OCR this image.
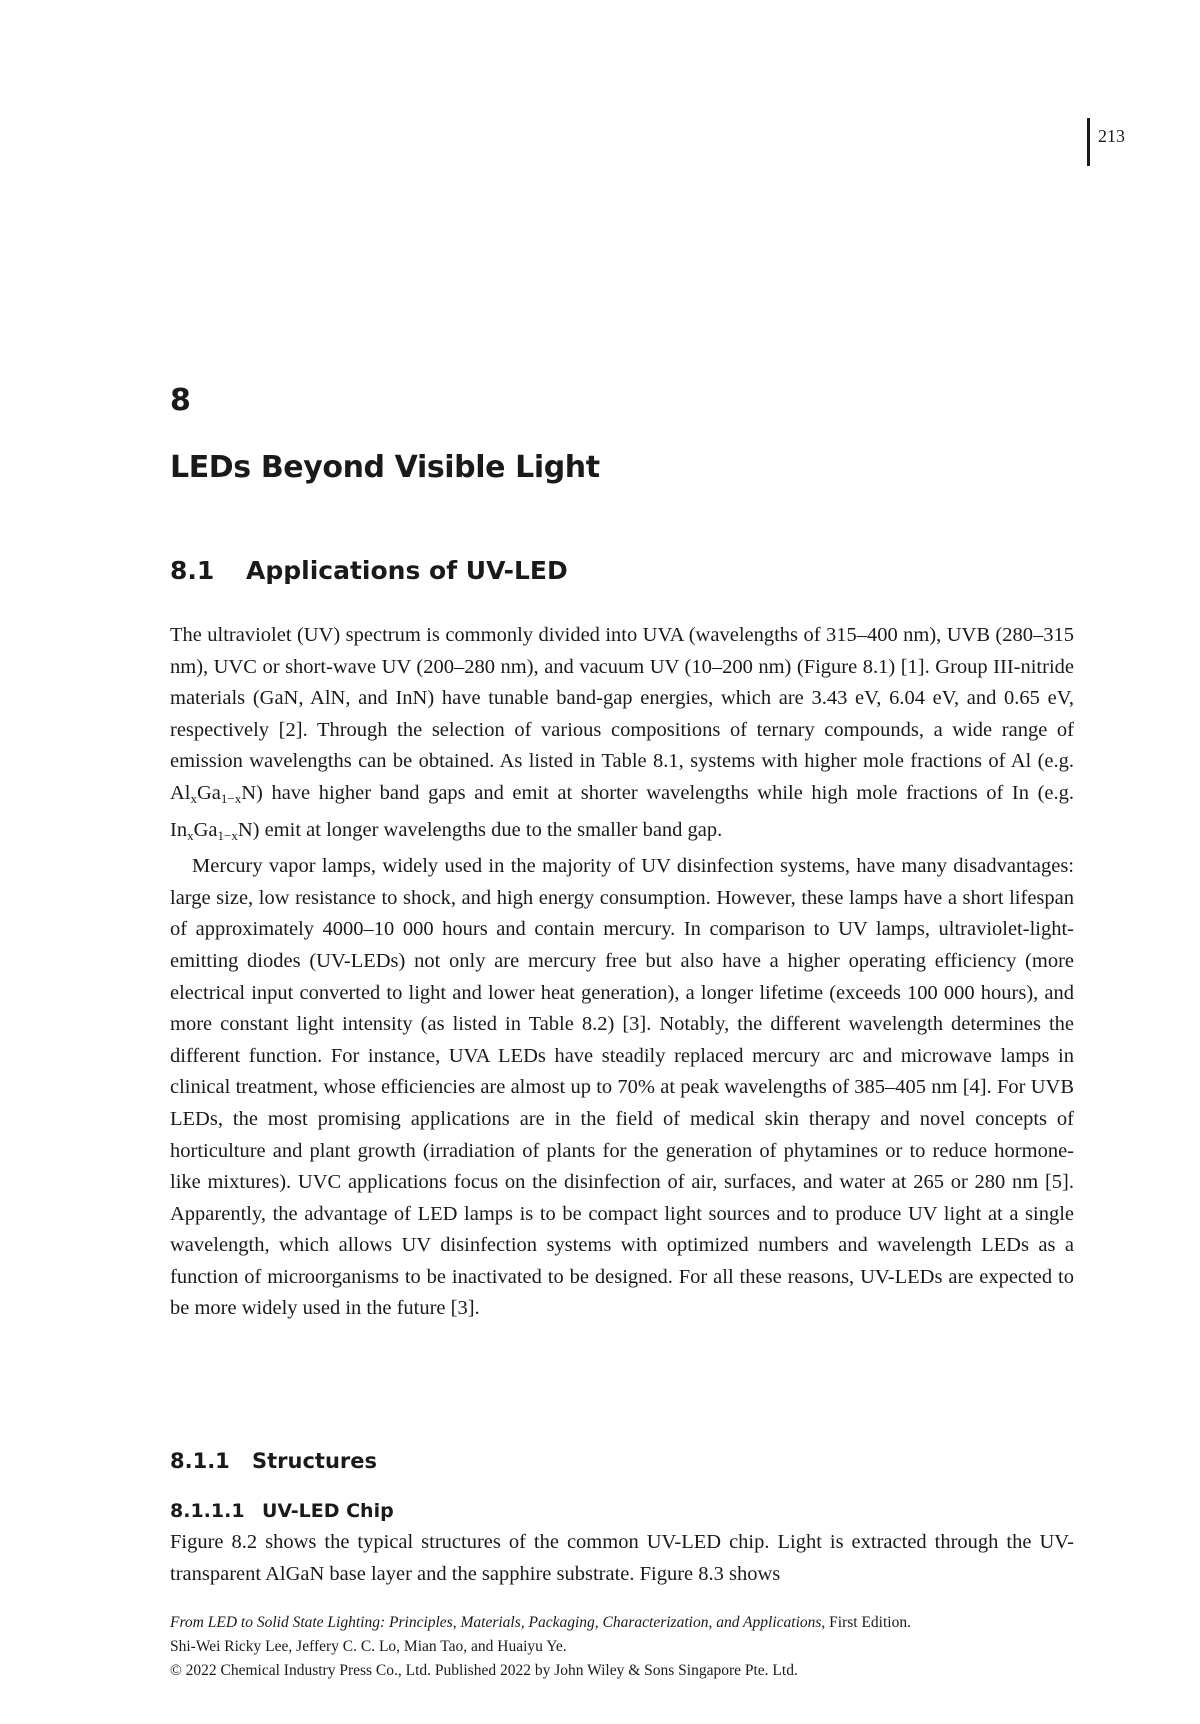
213
8
LEDs Beyond Visible Light
8.1 Applications of UV-LED

The ultraviolet (UV) spectrum is commonly divided into UVA (wavelengths of 315–400 nm), UVB (280–315 nm), UVC or short-wave UV (200–280 nm), and vacuum UV (10–200 nm) (Figure 8.1) [1]. Group III-nitride materials (GaN, AlN, and InN) have tunable band-gap energies, which are 3.43 eV, 6.04 eV, and 0.65 eV, respectively [2]. Through the selection of various compositions of ternary compounds, a wide range of emission wavelengths can be obtained. As listed in Table 8.1, systems with higher mole fractions of Al (e.g. $Al_xGa_{1-x}N$) have higher band gaps and emit at shorter wavelengths while high mole fractions of In (e.g. $In_xGa_{1-x}N$) emit at longer wavelengths due to the smaller band gap.

Mercury vapor lamps, widely used in the majority of UV disinfection systems, have many disadvantages: large size, low resistance to shock, and high energy consumption. However, these lamps have a short lifespan of approximately 4000–10 000 hours and contain mercury. In comparison to UV lamps, ultraviolet-light-emitting diodes (UV-LEDs) not only are mercury free but also have a higher operating efficiency (more electrical input converted to light and lower heat generation), a longer lifetime (exceeds 100 000 hours), and more constant light intensity (as listed in Table 8.2) [3]. Notably, the different wavelength determines the different function. For instance, UVA LEDs have steadily replaced mercury arc and microwave lamps in clinical treatment, whose efficiencies are almost up to 70% at peak wavelengths of 385–405 nm [4]. For UVB LEDs, the most promising applications are in the field of medical skin therapy and novel concepts of horticulture and plant growth (irradiation of plants for the generation of phytamines or to reduce hormone-like mixtures). UVC applications focus on the disinfection of air, surfaces, and water at 265 or 280 nm [5]. Apparently, the advantage of LED lamps is to be compact light sources and to produce UV light at a single wavelength, which allows UV disinfection systems with optimized numbers and wavelength LEDs as a function of microorganisms to be inactivated to be designed. For all these reasons, UV-LEDs are expected to be more widely used in the future [3].

8.1.1 Structures
8.1.1.1 UV-LED Chip

Figure 8.2 shows the typical structures of the common UV-LED chip. Light is extracted through the UV-transparent AlGaN base layer and the sapphire substrate. Figure 8.3 shows

From LED to Solid State Lighting: Principles, Materials, Packaging, Characterization, and Applications, First Edition.
Shi-Wei Ricky Lee, Jeffery C. C. Lo, Mian Tao, and Huaiyu Ye.
© 2022 Chemical Industry Press Co., Ltd. Published 2022 by John Wiley & Sons Singapore Pte. Ltd.
